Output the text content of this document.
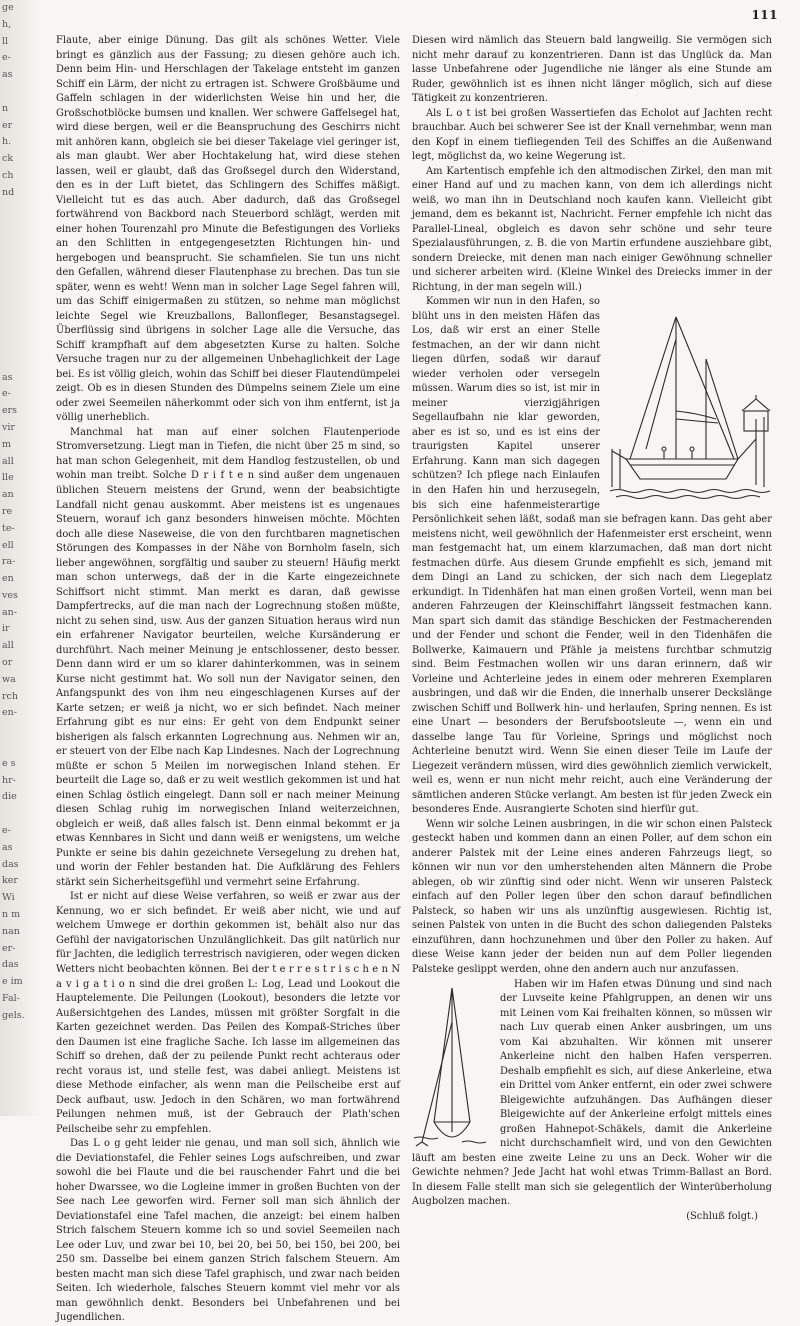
ge
h,
ll
e-
as
n
er
h.
ck
ch
nd
as
e-
ers
vir
m
all
lle
an
re
te-
ell
ra-
en
ves
an-
ir
all
or
wa
rch
en-
e s
hr-
die
e-
as
das
ker
Wi
n m
nan
er-
das
e im
Fal-
gels.
111

Flaute, aber einige Dünung. Das gilt als schönes Wetter. Viele bringt es gänzlich aus der Fassung; zu diesen gehöre auch ich. Denn beim Hin- und Herschlagen der Takelage entsteht im ganzen Schiff ein Lärm, der nicht zu ertragen ist. Schwere Großbäume und Gaffeln schlagen in der widerlichsten Weise hin und her, die Großschotblöcke bumsen und knallen. Wer schwere Gaffelsegel hat, wird diese bergen, weil er die Beanspruchung des Geschirrs nicht mit anhören kann, obgleich sie bei dieser Takelage viel geringer ist, als man glaubt. Wer aber Hochtakelung hat, wird diese stehen lassen, weil er glaubt, daß das Großsegel durch den Widerstand, den es in der Luft bietet, das Schlingern des Schiffes mäßigt. Vielleicht tut es das auch. Aber dadurch, daß das Großsegel fortwährend von Backbord nach Steuerbord schlägt, werden mit einer hohen Tourenzahl pro Minute die Befestigungen des Vorlieks an den Schlitten in entgegengesetzten Richtungen hin- und hergebogen und beansprucht. Sie schamfielen. Sie tun uns nicht den Gefallen, während dieser Flautenphase zu brechen. Das tun sie später, wenn es weht! Wenn man in solcher Lage Segel fahren will, um das Schiff einigermaßen zu stützen, so nehme man möglichst leichte Segel wie Kreuzballons, Ballonfleger, Besanstagsegel. Überflüssig sind übrigens in solcher Lage alle die Versuche, das Schiff krampfhaft auf dem abgesetzten Kurse zu halten. Solche Versuche tragen nur zu der allgemeinen Unbehaglichkeit der Lage bei. Es ist völlig gleich, wohin das Schiff bei dieser Flautendümpelei zeigt. Ob es in diesen Stunden des Dümpelns seinem Ziele um eine oder zwei Seemeilen näherkommt oder sich von ihm entfernt, ist ja völlig unerheblich.

Manchmal hat man auf einer solchen Flautenperiode Stromversetzung. Liegt man in Tiefen, die nicht über 25 m sind, so hat man schon Gelegenheit, mit dem Handlog festzustellen, ob und wohin man treibt. Solche D r i f t e n sind außer dem ungenauen üblichen Steuern meistens der Grund, wenn der beabsichtigte Landfall nicht genau auskommt. Aber meistens ist es ungenaues Steuern, worauf ich ganz besonders hinweisen möchte. Möchten doch alle diese Naseweise, die von den furchtbaren magnetischen Störungen des Kompasses in der Nähe von Bornholm faseln, sich lieber angewöhnen, sorgfältig und sauber zu steuern! Häufig merkt man schon unterwegs, daß der in die Karte eingezeichnete Schiffsort nicht stimmt. Man merkt es daran, daß gewisse Dampfertrecks, auf die man nach der Logrechnung stoßen müßte, nicht zu sehen sind, usw. Aus der ganzen Situation heraus wird nun ein erfahrener Navigator beurteilen, welche Kursänderung er durchführt. Nach meiner Meinung je entschlossener, desto besser. Denn dann wird er um so klarer dahinterkommen, was in seinem Kurse nicht gestimmt hat. Wo soll nun der Navigator seinen, den Anfangspunkt des von ihm neu eingeschlagenen Kurses auf der Karte setzen; er weiß ja nicht, wo er sich befindet. Nach meiner Erfahrung gibt es nur eins: Er geht von dem Endpunkt seiner bisherigen als falsch erkannten Logrechnung aus. Nehmen wir an, er steuert von der Elbe nach Kap Lindesnes. Nach der Logrechnung müßte er schon 5 Meilen im norwegischen Inland stehen. Er beurteilt die Lage so, daß er zu weit westlich gekommen ist und hat einen Schlag östlich eingelegt. Dann soll er nach meiner Meinung diesen Schlag ruhig im norwegischen Inland weiterzeichnen, obgleich er weiß, daß alles falsch ist. Denn einmal bekommt er ja etwas Kennbares in Sicht und dann weiß er wenigstens, um welche Punkte er seine bis dahin gezeichnete Versegelung zu drehen hat, und worin der Fehler bestanden hat. Die Aufklärung des Fehlers stärkt sein Sicherheitsgefühl und vermehrt seine Erfahrung.

Ist er nicht auf diese Weise verfahren, so weiß er zwar aus der Kennung, wo er sich befindet. Er weiß aber nicht, wie und auf welchem Umwege er dorthin gekommen ist, behält also nur das Gefühl der navigatorischen Unzulänglichkeit. Das gilt natürlich nur für Jachten, die lediglich terrestrisch navigieren, oder wegen dicken Wetters nicht beobachten können. Bei der t e r r e s t r i s c h e n N a v i g a t i o n sind die drei großen L: Log, Lead und Lookout die Hauptelemente. Die Peilungen (Lookout), besonders die letzte vor Außersichtgehen des Landes, müssen mit größter Sorgfalt in die Karten gezeichnet werden. Das Peilen des Kompaß-Striches über den Daumen ist eine fragliche Sache. Ich lasse im allgemeinen das Schiff so drehen, daß der zu peilende Punkt recht achteraus oder recht voraus ist, und stelle fest, was dabei anliegt. Meistens ist diese Methode einfacher, als wenn man die Peilscheibe erst auf Deck aufbaut, usw. Jedoch in den Schären, wo man fortwährend Peilungen nehmen muß, ist der Gebrauch der Plath'schen Peilscheibe sehr zu empfehlen.

Das L o g geht leider nie genau, und man soll sich, ähnlich wie die Deviationstafel, die Fehler seines Logs aufschreiben, und zwar sowohl die bei Flaute und die bei rauschender Fahrt und die bei hoher Dwarssee, wo die Logleine immer in großen Buchten von der See nach Lee geworfen wird. Ferner soll man sich ähnlich der Deviationstafel eine Tafel machen, die anzeigt: bei einem halben Strich falschem Steuern komme ich so und soviel Seemeilen nach Lee oder Luv, und zwar bei 10, bei 20, bei 50, bei 150, bei 200, bei 250 sm. Dasselbe bei einem ganzen Strich falschem Steuern. Am besten macht man sich diese Tafel graphisch, und zwar nach beiden Seiten. Ich wiederhole, falsches Steuern kommt viel mehr vor als man gewöhnlich denkt. Besonders bei Unbefahrenen und bei Jugendlichen.

Diesen wird nämlich das Steuern bald langweilig. Sie vermögen sich nicht mehr darauf zu konzentrieren. Dann ist das Unglück da. Man lasse Unbefahrene oder Jugendliche nie länger als eine Stunde am Ruder, gewöhnlich ist es ihnen nicht länger möglich, sich auf diese Tätigkeit zu konzentrieren.

Als L o t ist bei großen Wassertiefen das Echolot auf Jachten recht brauchbar. Auch bei schwerer See ist der Knall vernehmbar, wenn man den Kopf in einem tiefliegenden Teil des Schiffes an die Außenwand legt, möglichst da, wo keine Wegerung ist.

Am Kartentisch empfehle ich den altmodischen Zirkel, den man mit einer Hand auf und zu machen kann, von dem ich allerdings nicht weiß, wo man ihn in Deutschland noch kaufen kann. Vielleicht gibt jemand, dem es bekannt ist, Nachricht. Ferner empfehle ich nicht das Parallel-Lineal, obgleich es davon sehr schöne und sehr teure Spezialausführungen, z. B. die von Martin erfundene ausziehbare gibt, sondern Dreiecke, mit denen man nach einiger Gewöhnung schneller und sicherer arbeiten wird. (Kleine Winkel des Dreiecks immer in der Richtung, in der man segeln will.)

Kommen wir nun in den Hafen, so blüht uns in den meisten Häfen das Los, daß wir erst an einer Stelle festmachen, an der wir dann nicht liegen dürfen, sodaß wir darauf wieder verholen oder versegeln müssen. Warum dies so ist, ist mir in meiner vierzigjährigen Segellaufbahn nie klar geworden, aber es ist so, und es ist eins der traurigsten Kapitel unserer Erfahrung. Kann man sich dagegen schützen? Ich pflege nach Einlaufen in den Hafen hin und herzusegeln, bis sich eine hafenmeisterartige Persönlichkeit sehen läßt, sodaß man sie befragen kann. Das geht aber meistens nicht, weil gewöhnlich der Hafenmeister erst erscheint, wenn man festgemacht hat, um einem klarzumachen, daß man dort nicht festmachen dürfe. Aus diesem Grunde empfiehlt es sich, jemand mit dem Dingi an Land zu schicken, der sich nach dem Liegeplatz erkundigt. In Tidenhäfen hat man einen großen Vorteil, wenn man bei anderen Fahrzeugen der Kleinschiffahrt längsseit festmachen kann. Man spart sich damit das ständige Beschicken der Festmacherenden und der Fender und schont die Fender, weil in den Tidenhäfen die Bollwerke, Kaimauern und Pfähle ja meistens furchtbar schmutzig sind. Beim Festmachen wollen wir uns daran erinnern, daß wir Vorleine und Achterleine jedes in einem oder mehreren Exemplaren ausbringen, und daß wir die Enden, die innerhalb unserer Deckslänge zwischen Schiff und Bollwerk hin- und herlaufen, Spring nennen. Es ist eine Unart — besonders der Berufsbootsleute —, wenn ein und dasselbe lange Tau für Vorleine, Springs und möglichst noch Achterleine benutzt wird. Wenn Sie einen dieser Teile im Laufe der Liegezeit verändern müssen, wird dies gewöhnlich ziemlich verwickelt, weil es, wenn er nun nicht mehr reicht, auch eine Veränderung der sämtlichen anderen Stücke verlangt. Am besten ist für jeden Zweck ein besonderes Ende. Ausrangierte Schoten sind hierfür gut.

Wenn wir solche Leinen ausbringen, in die wir schon einen Palsteck gesteckt haben und kommen dann an einen Poller, auf dem schon ein anderer Palstek mit der Leine eines anderen Fahrzeugs liegt, so können wir nun vor den umherstehenden alten Männern die Probe ablegen, ob wir zünftig sind oder nicht. Wenn wir unseren Palsteck einfach auf den Poller legen über den schon darauf befindlichen Palsteck, so haben wir uns als unzünftig ausgewiesen. Richtig ist, seinen Palstek von unten in die Bucht des schon daliegenden Palsteks einzuführen, dann hochzunehmen und über den Poller zu haken. Auf diese Weise kann jeder der beiden nun auf dem Poller liegenden Palsteke geslippt werden, ohne den andern auch nur anzufassen.

Haben wir im Hafen etwas Dünung und sind nach der Luvseite keine Pfahlgruppen, an denen wir uns mit Leinen vom Kai freihalten können, so müssen wir nach Luv querab einen Anker ausbringen, um uns vom Kai abzuhalten. Wir können mit unserer Ankerleine nicht den halben Hafen versperren. Deshalb empfiehlt es sich, auf diese Ankerleine, etwa ein Drittel vom Anker entfernt, ein oder zwei schwere Bleigewichte aufzuhängen. Das Aufhängen dieser Bleigewichte auf der Ankerleine erfolgt mittels eines großen Hahnepot-Schäkels, damit die Ankerleine nicht durchschamfielt wird, und von den Gewichten läuft am besten eine zweite Leine zu uns an Deck. Woher wir die Gewichte nehmen? Jede Jacht hat wohl etwas Trimm-Ballast an Bord. In diesem Falle stellt man sich sie gelegentlich der Winterüberholung Augbolzen machen.

(Schluß folgt.)
